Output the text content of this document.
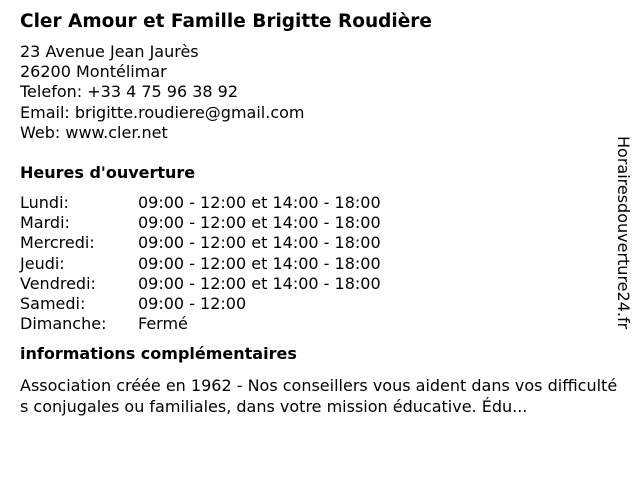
Cler Amour et Famille Brigitte Roudière
23 Avenue Jean Jaurès
26200 Montélimar
Telefon: +33 4 75 96 38 92
Email: brigitte.roudiere@gmail.com
Web: www.cler.net
Heures d'ouverture
Lundi:	09:00 - 12:00 et 14:00 - 18:00
Mardi:	09:00 - 12:00 et 14:00 - 18:00
Mercredi:	09:00 - 12:00 et 14:00 - 18:00
Jeudi:	09:00 - 12:00 et 14:00 - 18:00
Vendredi:	09:00 - 12:00 et 14:00 - 18:00
Samedi:	09:00 - 12:00
Dimanche:	Fermé
informations complémentaires
Association créée en 1962 - Nos conseillers vous aident dans vos difficultés conjugales ou familiales, dans votre mission éducative. Édu...
Horairesdouverture24.fr
